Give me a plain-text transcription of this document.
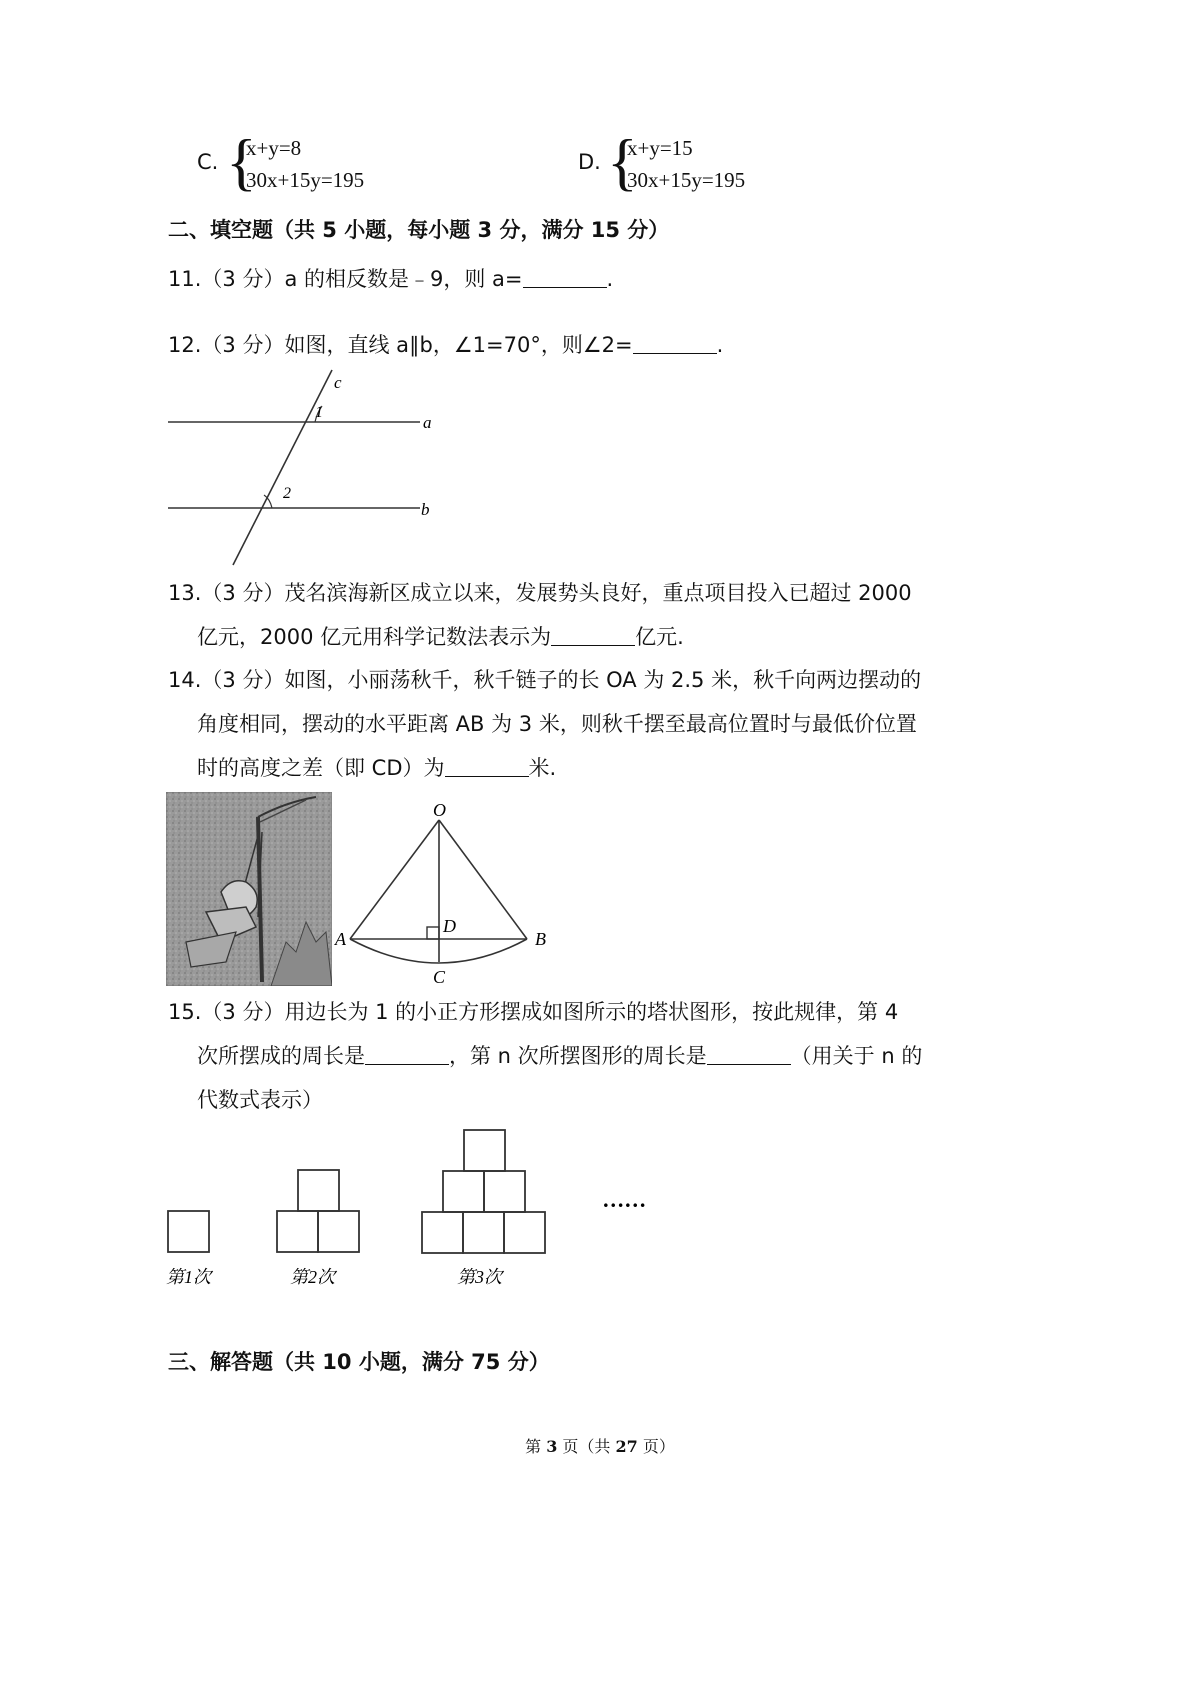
C. {
x+y=8
30x+15y=195
D. {
x+y=15
30x+15y=195
二、填空题（共 5 小题，每小题 3 分，满分 15 分）
11.（3 分）a 的相反数是﹣9，则 a=	.
12.（3 分）如图，直线 a∥b，∠1=70°，则∠2=	.
c
1
a
2
b
13.（3 分）茂名滨海新区成立以来，发展势头良好，重点项目投入已超过 2000
亿元，2000 亿元用科学记数法表示为	亿元.
14.（3 分）如图，小丽荡秋千，秋千链子的长 OA 为 2.5 米，秋千向两边摆动的
角度相同，摆动的水平距离 AB 为 3 米，则秋千摆至最高位置时与最低价位置
时的高度之差（即 CD）为	米.
O
A	B
C
D
15.（3 分）用边长为 1 的小正方形摆成如图所示的塔状图形，按此规律，第 4
次所摆成的周长是	，第 n 次所摆图形的周长是	（用关于 n 的
代数式表示）
……
第1次	第2次	第3次
三、解答题（共 10 小题，满分 75 分）
第 3 页（共 27 页）
